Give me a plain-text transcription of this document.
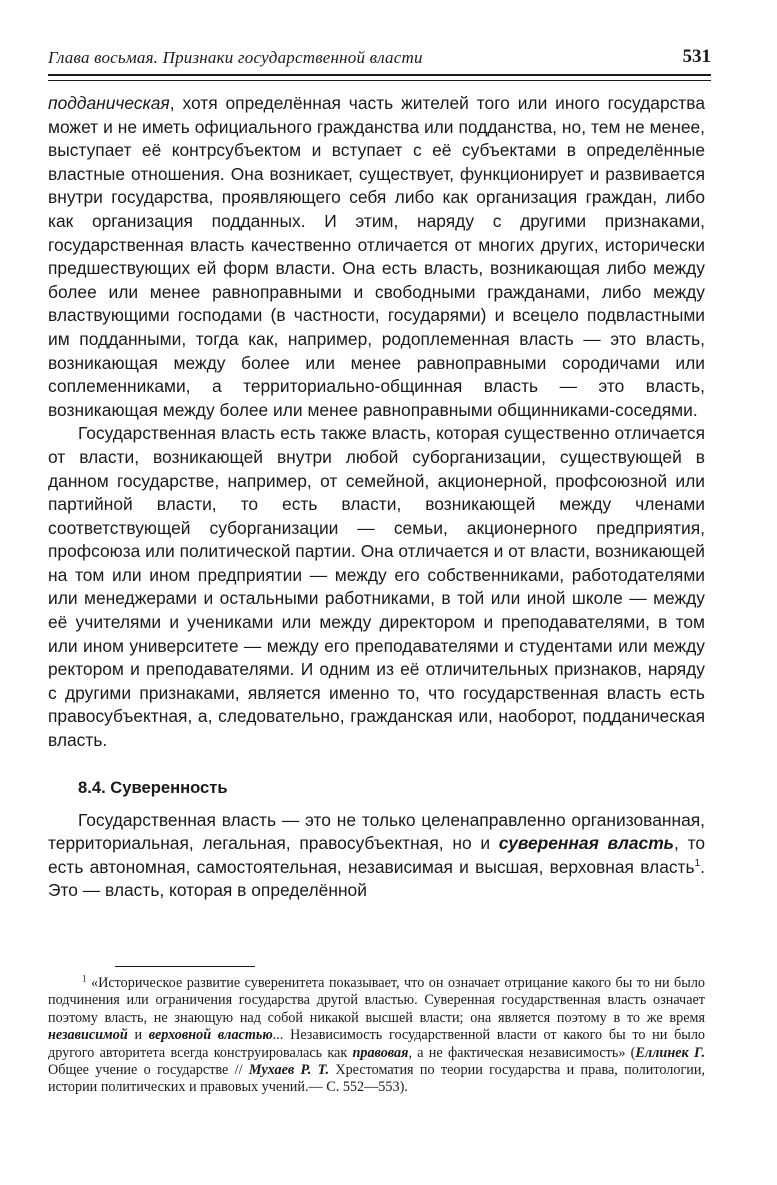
Глава восьмая. Признаки государственной власти	531

подданическая, хотя определённая часть жителей того или иного государства может и не иметь официального гражданства или подданства, но, тем не менее, выступает её контрсубъектом и вступает с её субъектами в определённые властные отношения. Она возникает, существует, функционирует и развивается внутри государства, проявляющего себя либо как организация граждан, либо как организация подданных. И этим, наряду с другими признаками, государственная власть качественно отличается от многих других, исторически предшествующих ей форм власти. Она есть власть, возникающая либо между более или менее равноправными и свободными гражданами, либо между властвующими господами (в частности, государями) и всецело подвластными им подданными, тогда как, например, родоплеменная власть — это власть, возникающая между более или менее равноправными сородичами или соплеменниками, а территориально-общинная власть — это власть, возникающая между более или менее равноправными общинниками-соседями.

Государственная власть есть также власть, которая существенно отличается от власти, возникающей внутри любой суборганизации, существующей в данном государстве, например, от семейной, акционерной, профсоюзной или партийной власти, то есть власти, возникающей между членами соответствующей суборганизации — семьи, акционерного предприятия, профсоюза или политической партии. Она отличается и от власти, возникающей на том или ином предприятии — между его собственниками, работодателями или менеджерами и остальными работниками, в той или иной школе — между её учителями и учениками или между директором и преподавателями, в том или ином университете — между его преподавателями и студентами или между ректором и преподавателями. И одним из её отличительных признаков, наряду с другими признаками, является именно то, что государственная власть есть правосубъектная, а, следовательно, гражданская или, наоборот, подданическая власть.

8.4. Суверенность

Государственная власть — это не только целенаправленно организованная, территориальная, легальная, правосубъектная, но и суверенная власть, то есть автономная, самостоятельная, независимая и высшая, верховная власть$^1$. Это — власть, которая в определённой

$^1$ «Историческое развитие суверенитета показывает, что он означает отрицание какого бы то ни было подчинения или ограничения государства другой властью. Суверенная государственная власть означает поэтому власть, не знающую над собой никакой высшей власти; она является поэтому в то же время независимой и верховной властью... Независимость государственной власти от какого бы то ни было другого авторитета всегда конструировалась как правовая, а не фактическая независимость» (Еллинек Г. Общее учение о государстве // Мухаев Р. Т. Хрестоматия по теории государства и права, политологии, истории политических и правовых учений.— С. 552—553).
